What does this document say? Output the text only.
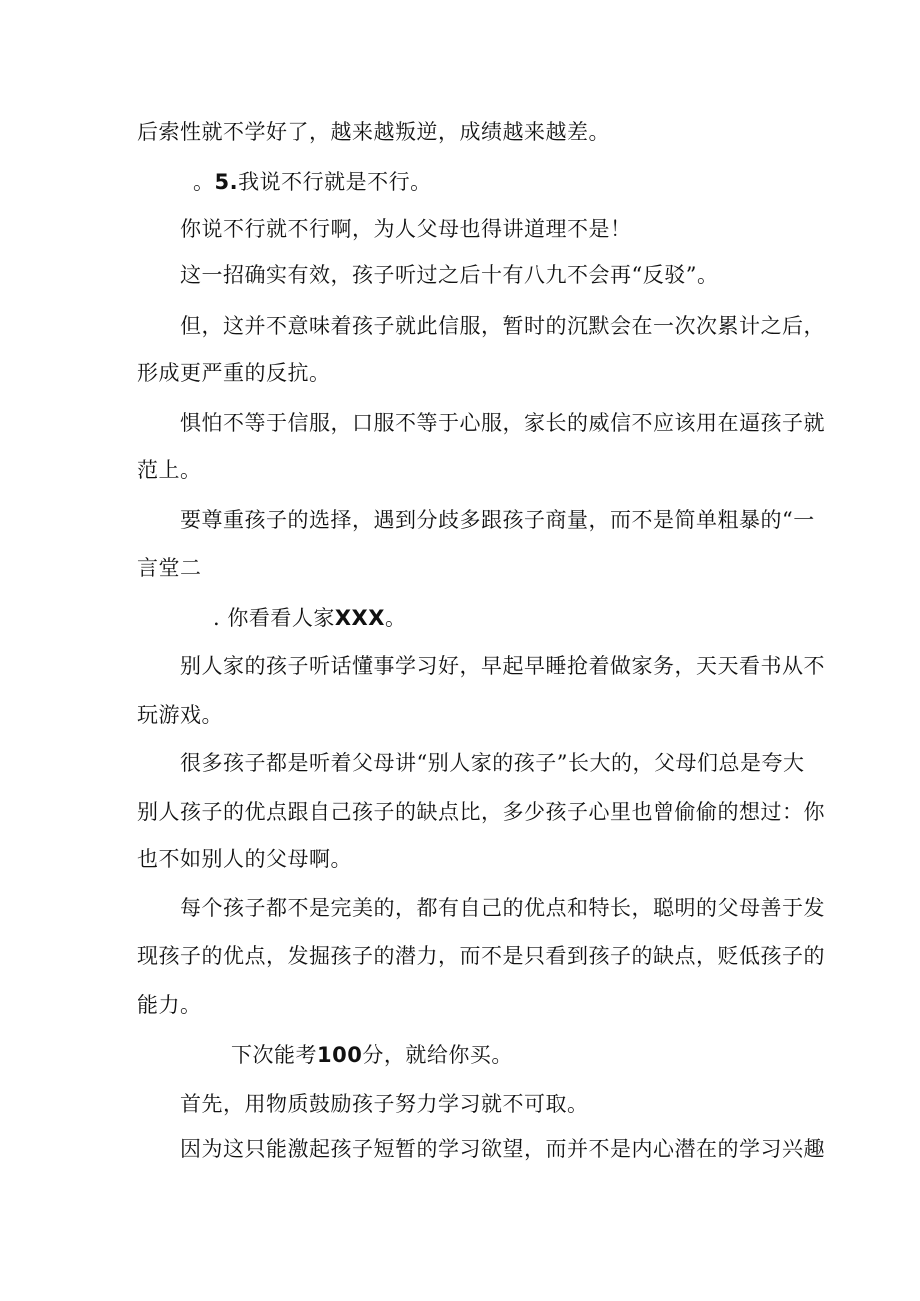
后索性就不学好了，越来越叛逆，成绩越来越差。
。5.我说不行就是不行。
你说不行就不行啊，为人父母也得讲道理不是！
这一招确实有效，孩子听过之后十有八九不会再“反驳”。
但，这并不意味着孩子就此信服，暂时的沉默会在一次次累计之后，
形成更严重的反抗。
惧怕不等于信服，口服不等于心服，家长的威信不应该用在逼孩子就
范上。
要尊重孩子的选择，遇到分歧多跟孩子商量，而不是简单粗暴的“一
言堂二
. 你看看人家XXX。
别人家的孩子听话懂事学习好，早起早睡抢着做家务，天天看书从不
玩游戏。
很多孩子都是听着父母讲“别人家的孩子”长大的，父母们总是夸大
别人孩子的优点跟自己孩子的缺点比，多少孩子心里也曾偷偷的想过：你
也不如别人的父母啊。
每个孩子都不是完美的，都有自己的优点和特长，聪明的父母善于发
现孩子的优点，发掘孩子的潜力，而不是只看到孩子的缺点，贬低孩子的
能力。
下次能考100分，就给你买。
首先，用物质鼓励孩子努力学习就不可取。
因为这只能激起孩子短暂的学习欲望，而并不是内心潜在的学习兴趣
